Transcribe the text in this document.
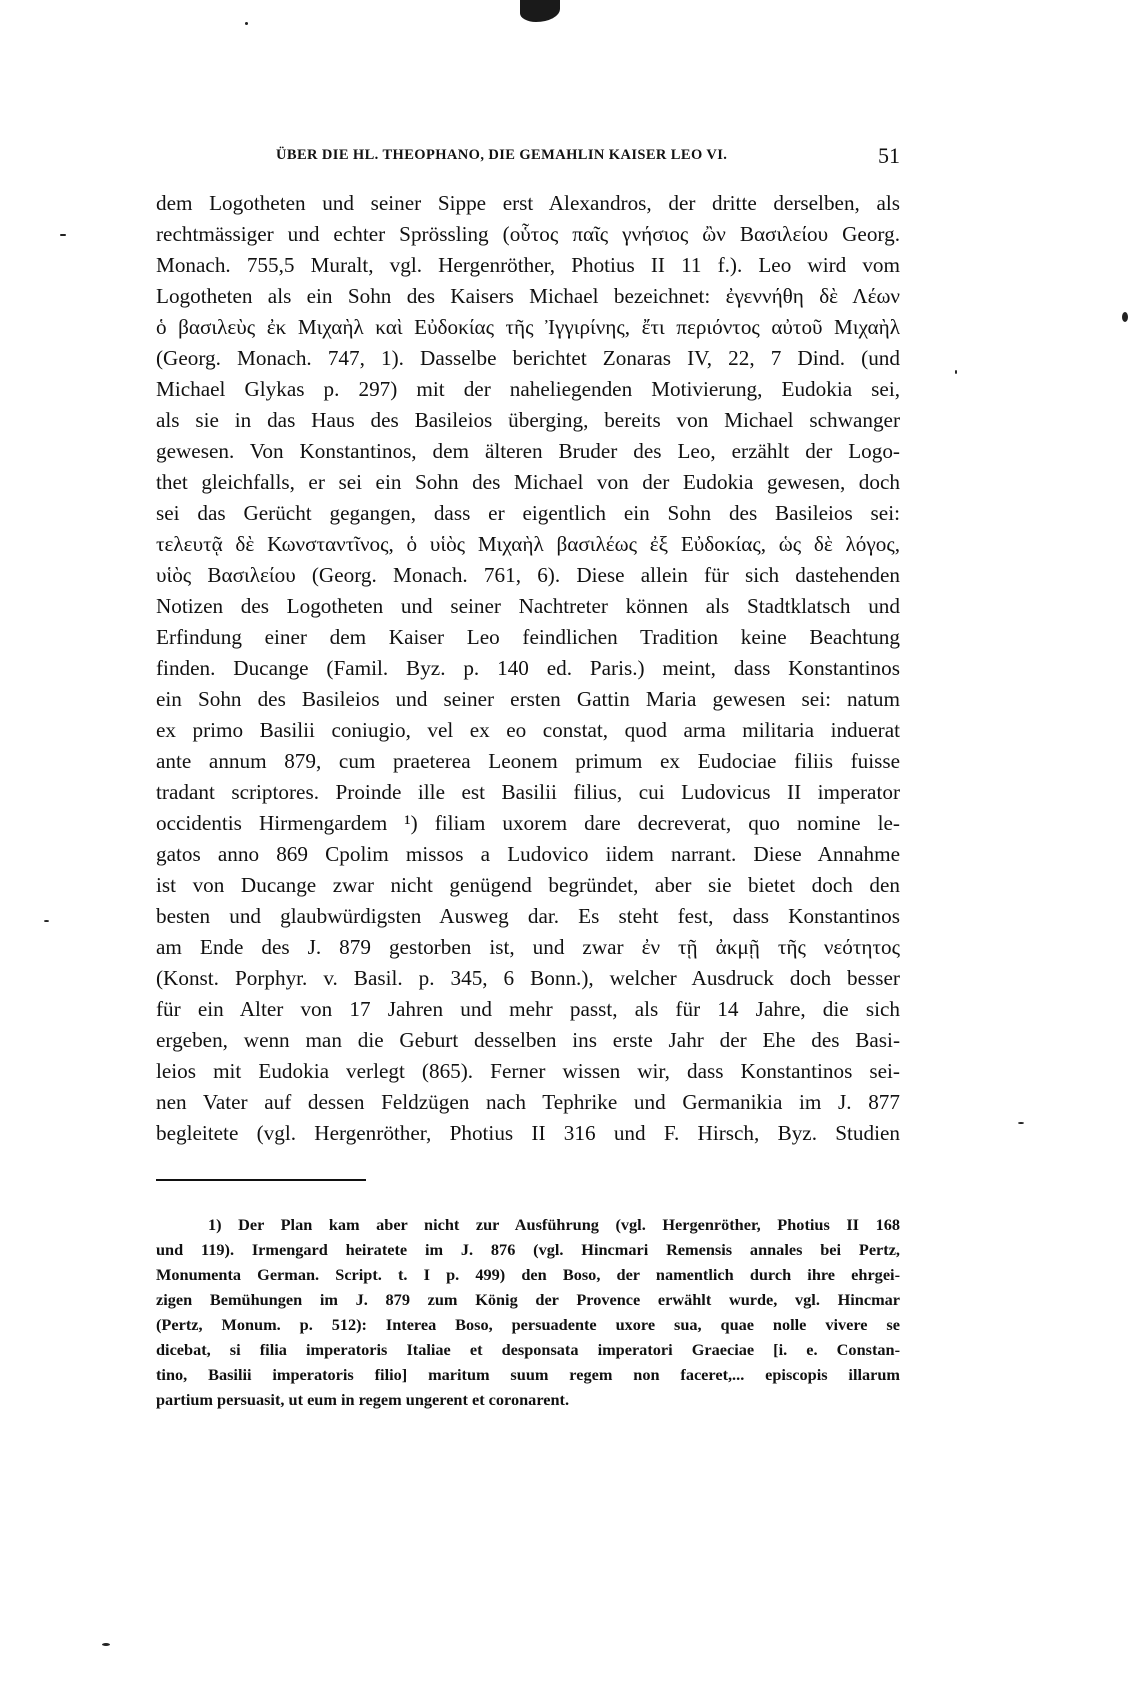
ÜBER DIE HL. THEOPHANO, DIE GEMAHLIN KAISER LEO VI.	51
dem Logotheten und seiner Sippe erst Alexandros, der dritte derselben, als
rechtmässiger und echter Sprössling (οὗτος παῖς γνήσιος ὢν Βασιλείου Georg.
Monach. 755,5 Muralt, vgl. Hergenröther, Photius II 11 f.). Leo wird vom
Logotheten als ein Sohn des Kaisers Michael bezeichnet: ἐγεννήθη δὲ Λέων
ὁ βασιλεὺς ἐκ Μιχαὴλ καὶ Εὐδοκίας τῆς Ἰγγιρίνης, ἔτι περιόντος αὐτοῦ Μιχαὴλ
(Georg. Monach. 747, 1). Dasselbe berichtet Zonaras IV, 22, 7 Dind. (und
Michael Glykas p. 297) mit der naheliegenden Motivierung, Eudokia sei,
als sie in das Haus des Basileios überging, bereits von Michael schwanger
gewesen. Von Konstantinos, dem älteren Bruder des Leo, erzählt der Logo-
thet gleichfalls, er sei ein Sohn des Michael von der Eudokia gewesen, doch
sei das Gerücht gegangen, dass er eigentlich ein Sohn des Basileios sei:
τελευτᾷ δὲ Κωνσταντῖνος, ὁ υἱὸς Μιχαὴλ βασιλέως ἐξ Εὐδοκίας, ὡς δὲ λόγος,
υἱὸς Βασιλείου (Georg. Monach. 761, 6). Diese allein für sich dastehenden
Notizen des Logotheten und seiner Nachtreter können als Stadtklatsch und
Erfindung einer dem Kaiser Leo feindlichen Tradition keine Beachtung
finden. Ducange (Famil. Byz. p. 140 ed. Paris.) meint, dass Konstantinos
ein Sohn des Basileios und seiner ersten Gattin Maria gewesen sei: natum
ex primo Basilii coniugio, vel ex eo constat, quod arma militaria induerat
ante annum 879, cum praeterea Leonem primum ex Eudociae filiis fuisse
tradant scriptores. Proinde ille est Basilii filius, cui Ludovicus II imperator
occidentis Hirmengardem ¹) filiam uxorem dare decreverat, quo nomine le-
gatos anno 869 Cpolim missos a Ludovico iidem narrant. Diese Annahme
ist von Ducange zwar nicht genügend begründet, aber sie bietet doch den
besten und glaubwürdigsten Ausweg dar. Es steht fest, dass Konstantinos
am Ende des J. 879 gestorben ist, und zwar ἐν τῇ ἀκμῇ τῆς νεότητος
(Konst. Porphyr. v. Basil. p. 345, 6 Bonn.), welcher Ausdruck doch besser
für ein Alter von 17 Jahren und mehr passt, als für 14 Jahre, die sich
ergeben, wenn man die Geburt desselben ins erste Jahr der Ehe des Basi-
leios mit Eudokia verlegt (865). Ferner wissen wir, dass Konstantinos sei-
nen Vater auf dessen Feldzügen nach Tephrike und Germanikia im J. 877
begleitete (vgl. Hergenröther, Photius II 316 und F. Hirsch, Byz. Studien
1) Der Plan kam aber nicht zur Ausführung (vgl. Hergenröther, Photius II 168
und 119). Irmengard heiratete im J. 876 (vgl. Hincmari Remensis annales bei Pertz,
Monumenta German. Script. t. I p. 499) den Boso, der namentlich durch ihre ehrgei-
zigen Bemühungen im J. 879 zum König der Provence erwählt wurde, vgl. Hincmar
(Pertz, Monum. p. 512): Interea Boso, persuadente uxore sua, quae nolle vivere se
dicebat, si filia imperatoris Italiae et desponsata imperatori Graeciae [i. e. Constan-
tino, Basilii imperatoris filio] maritum suum regem non faceret,... episcopis illarum
partium persuasit, ut eum in regem ungerent et coronarent.
